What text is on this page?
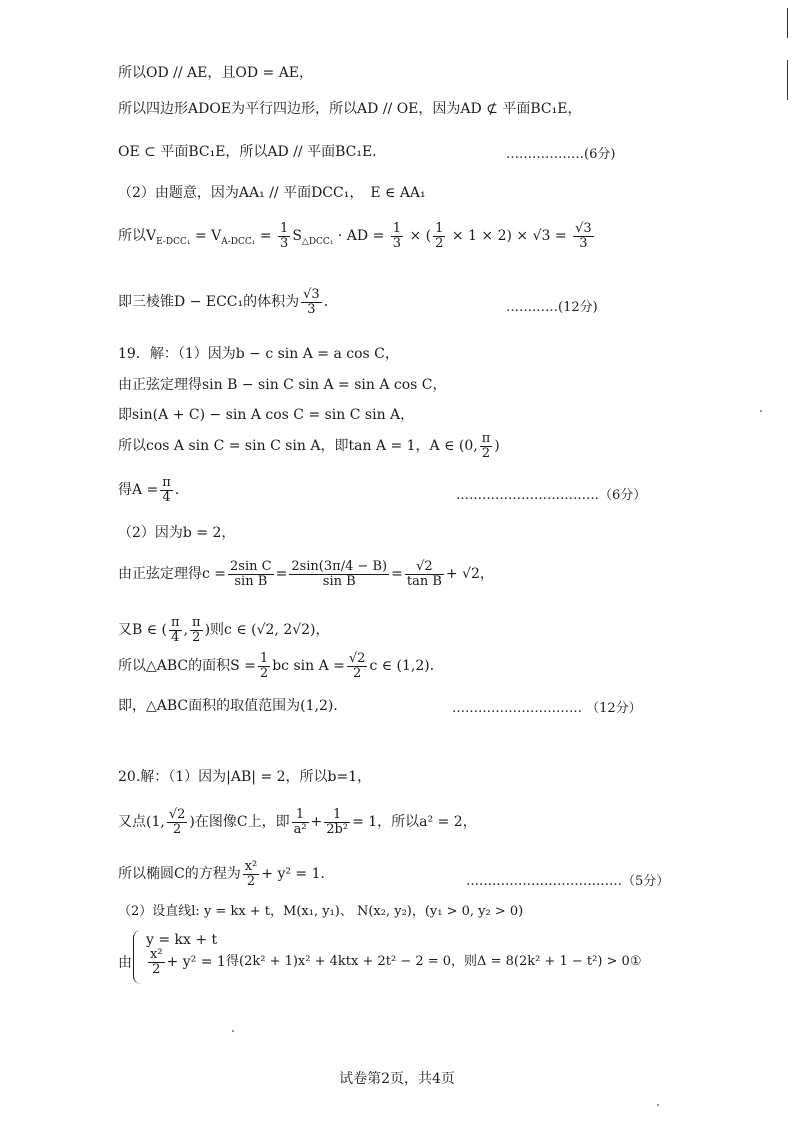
所以OD // AE，且OD = AE，
所以四边形ADOE为平行四边形，所以AD // OE，因为AD ⊄ 平面BC₁E，
OE ⊂ 平面BC₁E，所以AD // 平面BC₁E．	………………(6分)
（2）由题意，因为AA₁ // 平面DCC₁，　E ∈ AA₁
所以$V_{E-DCC_1} = V_{A-DCC_1} = \frac{1}{3} S_{\triangle DCC_1}$ · AD = $\frac{1}{3}$ × ( $\frac{1}{2} \times 1 \times 2) \times √3 = \frac{√3}{3}$
即三棱锥D − ECC₁的体积为 $\frac{√3}{3}$ ．	…………(12分)
19．解：（1）因为b − c sin A = a cos C，
由正弦定理得sin B − sin C sin A = sin A cos C，
即sin(A + C) − sin A cos C = sin C sin A，
所以cos A sin C = sin C sin A，即tan A = 1，A ∈ (0, $\frac{\pi}{2}$ )
得$A = \frac{\pi}{4}$ ．	……………………………（6分）
（2）因为b = 2，
由正弦定理得$c = \frac{\text{2sin C}}{\text{sin B}} = \frac{2\sin(3\pi/4 - B)}{\text{sin B}} = \frac{√2}{\text{tan B}} + √2$，
又B ∈ ( $\frac{\pi}{4}$ , $\frac{\pi}{2}$ )则c ∈ (√2, 2√2)，
所以△ABC的面积$S = \frac{1}{2}$ bc $\sin A = \frac{√2}{2}$ c ∈ (1,2)．
即，△ABC面积的取值范围为(1,2)．	………………………… （12分）
20.解：（1）因为|AB| = 2，所以b=1，
又点(1, $\frac{√2}{2}$ )在图像C上，即 $\frac{1}{\text{a²}} + \frac{1}{\text{2b²}} = 1$，所以a² = 2，
所以椭圆C的方程为 $\frac{\text{x²}}{2} + y^2 = 1$．	………………………………（5分）
（2）设直线l: y = kx + t，M(x₁, y₁)、 N(x₂, y₂)，(y₁ > 0, y₂ > 0)
y = kx + t
由 $\frac{\text{x²}}{2} + y^2 = 1$ 得(2k² + 1)x² + 4ktx + 2t² − 2 = 0，则Δ = 8(2k² + 1 − t²) > 0①
试卷第2页，共4页
